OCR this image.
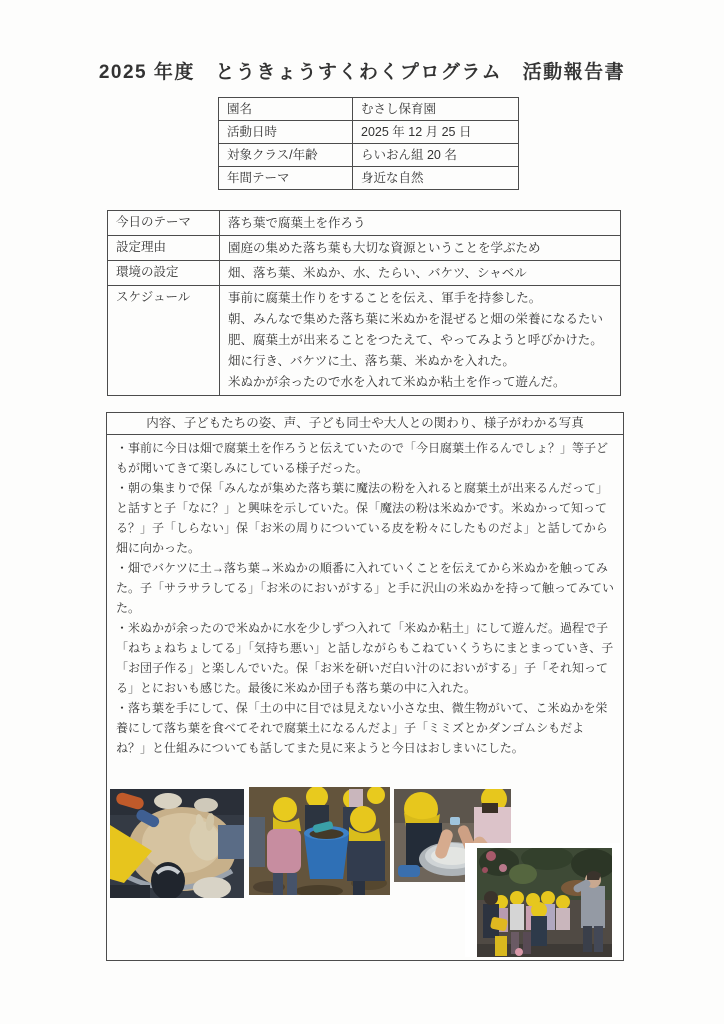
2025 年度　とうきょうすくわくプログラム　活動報告書
園名	むさし保育園
活動日時	2025 年 12 月 25 日
対象クラス/年齢	らいおん組 20 名
年間テーマ	身近な自然
今日のテーマ	落ち葉で腐葉土を作ろう
設定理由	園庭の集めた落ち葉も大切な資源ということを学ぶため
環境の設定	畑、落ち葉、米ぬか、水、たらい、バケツ、シャベル
スケジュール	事前に腐葉土作りをすることを伝え、軍手を持参した。
朝、みんなで集めた落ち葉に米ぬかを混ぜると畑の栄養になるたい肥、腐葉土が出来ることをつたえて、やってみようと呼びかけた。
畑に行き、バケツに土、落ち葉、米ぬかを入れた。
米ぬかが余ったので水を入れて米ぬか粘土を作って遊んだ。
内容、子どもたちの姿、声、子ども同士や大人との関わり、様子がわかる写真

・事前に今日は畑で腐葉土を作ろうと伝えていたので「今日腐葉土作るんでしょ？」等子どもが聞いてきて楽しみにしている様子だった。

・朝の集まりで保「みんなが集めた落ち葉に魔法の粉を入れると腐葉土が出来るんだって」と話すと子「なに？」と興味を示していた。保「魔法の粉は米ぬかです。米ぬかって知ってる？」子「しらない」保「お米の周りについている皮を粉々にしたものだよ」と話してから畑に向かった。

・畑でバケツに土→落ち葉→米ぬかの順番に入れていくことを伝えてから米ぬかを触ってみた。子「サラサラしてる」「お米のにおいがする」と手に沢山の米ぬかを持って触ってみていた。

・米ぬかが余ったので米ぬかに水を少しずつ入れて「米ぬか粘土」にして遊んだ。過程で子「ねちょねちょしてる」「気持ち悪い」と話しながらもこねていくうちにまとまっていき、子「お団子作る」と楽しんでいた。保「お米を研いだ白い汁のにおいがする」子「それ知ってる」とにおいも感じた。最後に米ぬか団子も落ち葉の中に入れた。

・落ち葉を手にして、保「土の中に目では見えない小さな虫、微生物がいて、こ米ぬかを栄養にして落ち葉を食べてそれで腐葉土になるんだよ」子「ミミズとかダンゴムシもだよね？」と仕組みについても話してまた見に来ようと今日はおしまいにした。
